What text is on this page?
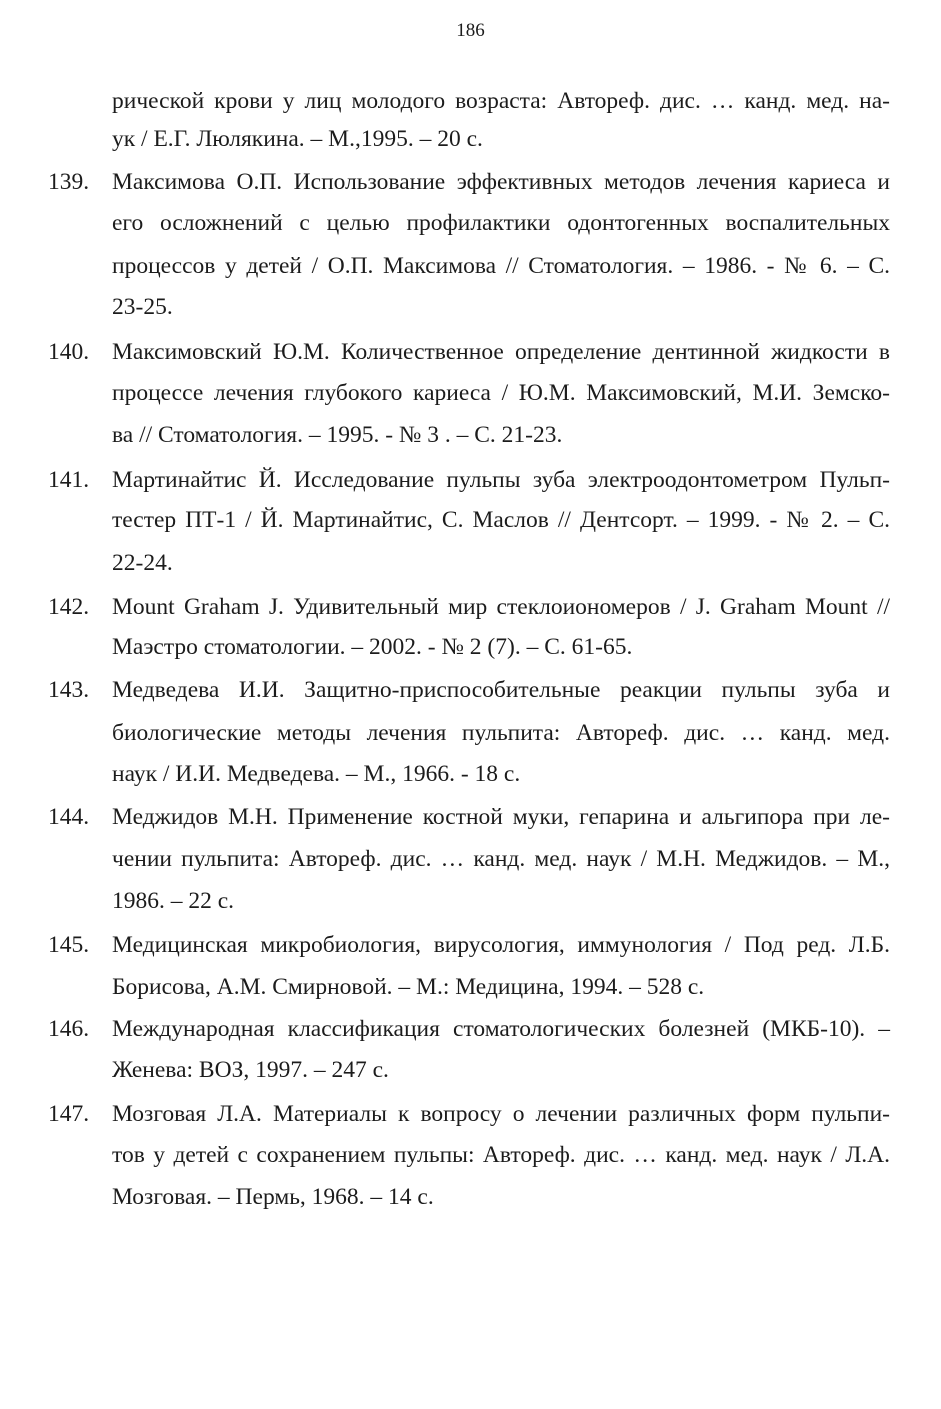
186
рической крови у лиц молодого возраста: Автореф. дис. … канд. мед. на-
ук / Е.Г. Люлякина. – М.,1995. – 20 с.
139. Максимова О.П. Использование эффективных методов лечения кариеса и
его осложнений с целью профилактики одонтогенных воспалительных
процессов у детей / О.П. Максимова // Стоматология. – 1986. - № 6. – С.
23-25.
140. Максимовский Ю.М. Количественное определение дентинной жидкости в
процессе лечения глубокого кариеса / Ю.М. Максимовский, М.И. Земско-
ва // Стоматология. – 1995. - № 3 . – С. 21-23.
141. Мартинайтис Й. Исследование пульпы зуба электроодонтометром Пульп-
тестер ПТ-1 / Й. Мартинайтис, С. Маслов // Дентсорт. – 1999. - № 2. – С.
22-24.
142. Mount Graham J. Удивительный мир стеклоиономеров / J. Graham Mount //
Маэстро стоматологии. – 2002. - № 2 (7). – С. 61-65.
143. Медведева И.И. Защитно-приспособительные реакции пульпы зуба и
биологические методы лечения пульпита: Автореф. дис. … канд. мед.
наук / И.И. Медведева. – М., 1966. - 18 с.
144. Меджидов М.Н. Применение костной муки, гепарина и альгипора при ле-
чении пульпита: Автореф. дис. … канд. мед. наук / М.Н. Меджидов. – М.,
1986. – 22 с.
145. Медицинская микробиология, вирусология, иммунология / Под ред. Л.Б.
Борисова, А.М. Смирновой. – М.: Медицина, 1994. – 528 с.
146. Международная классификация стоматологических болезней (МКБ-10). –
Женева: ВОЗ, 1997. – 247 с.
147. Мозговая Л.А. Материалы к вопросу о лечении различных форм пульпи-
тов у детей с сохранением пульпы: Автореф. дис. … канд. мед. наук / Л.А.
Мозговая. – Пермь, 1968. – 14 с.
